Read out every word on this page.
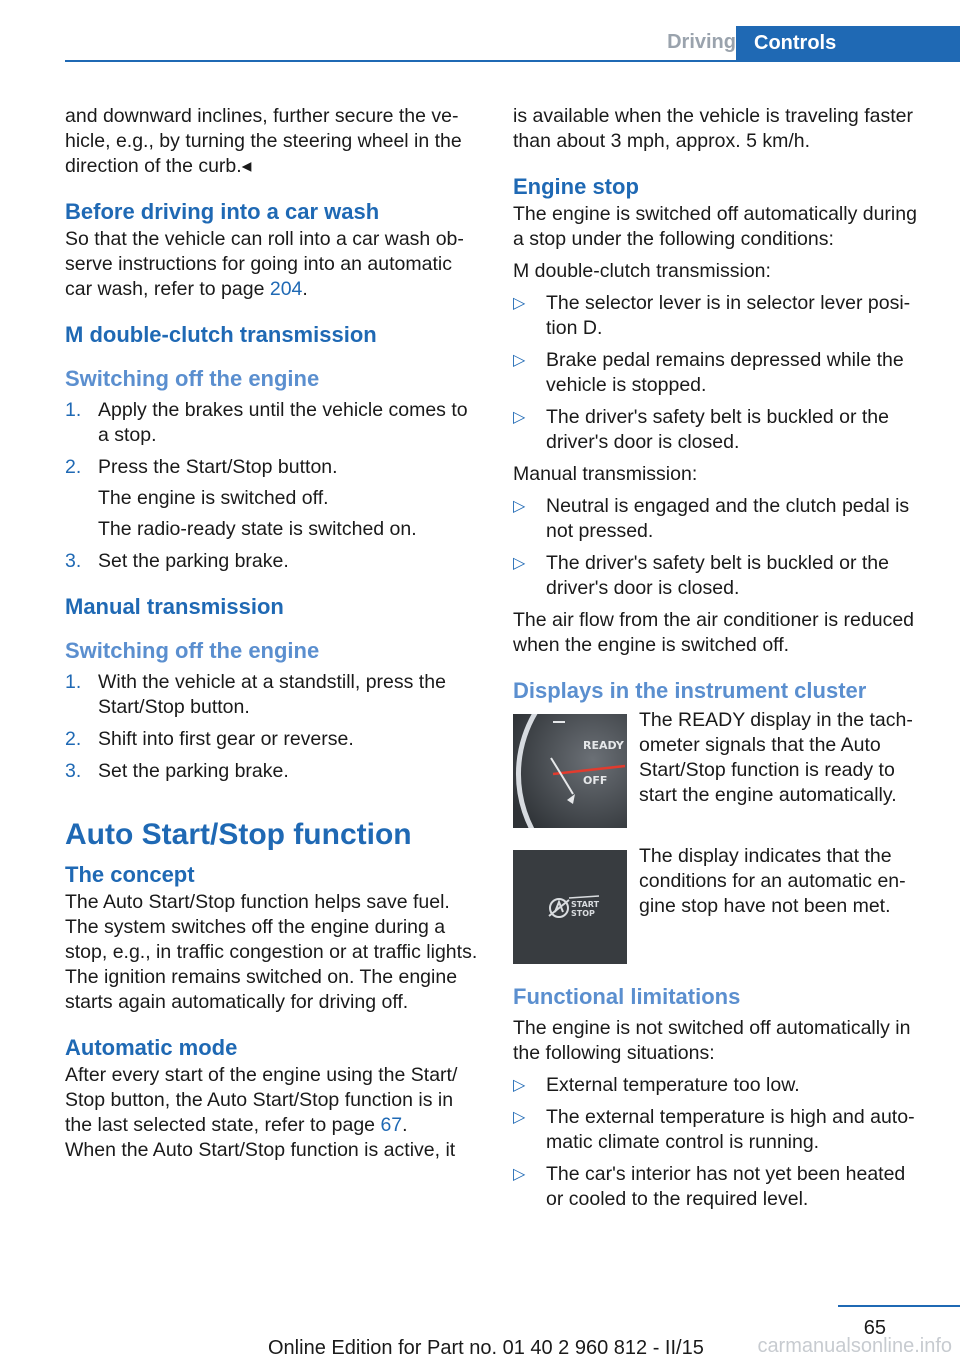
Driving Controls

and downward inclines, further secure the vehicle, e.g., by turning the steering wheel in the direction of the curb.◂

Before driving into a car wash

So that the vehicle can roll into a car wash observe instructions for going into an automatic car wash, refer to page 204.

M double-clutch transmission
Switching off the engine
1. Apply the brakes until the vehicle comes to a stop.
2. Press the Start/Stop button.
The engine is switched off.
The radio-ready state is switched on.
3. Set the parking brake.
Manual transmission
Switching off the engine
1. With the vehicle at a standstill, press the Start/Stop button.
2. Shift into first gear or reverse.
3. Set the parking brake.
Auto Start/Stop function
The concept

The Auto Start/Stop function helps save fuel. The system switches off the engine during a stop, e.g., in traffic congestion or at traffic lights. The ignition remains switched on. The engine starts again automatically for driving off.

Automatic mode

After every start of the engine using the Start/ Stop button, the Auto Start/Stop function is in the last selected state, refer to page 67.

When the Auto Start/Stop function is active, it

is available when the vehicle is traveling faster than about 3 mph, approx. 5 km/h.

Engine stop

The engine is switched off automatically during a stop under the following conditions:

M double-clutch transmission:

▷ The selector lever is in selector lever position D.
▷ Brake pedal remains depressed while the vehicle is stopped.
▷ The driver's safety belt is buckled or the driver's door is closed.

Manual transmission:

▷ Neutral is engaged and the clutch pedal is not pressed.
▷ The driver's safety belt is buckled or the driver's door is closed.

The air flow from the air conditioner is reduced when the engine is switched off.

Displays in the instrument cluster
READY
OFF
The READY display in the tachometer signals that the Auto Start/Stop function is ready to start the engine automatically.
START
STOP
The display indicates that the conditions for an automatic engine stop have not been met.
Functional limitations

The engine is not switched off automatically in the following situations:

▷ External temperature too low.
▷ The external temperature is high and automatic climate control is running.
▷ The car's interior has not yet been heated or cooled to the required level.
65
Online Edition for Part no. 01 40 2 960 812 - II/15	carmanualsonline.info
